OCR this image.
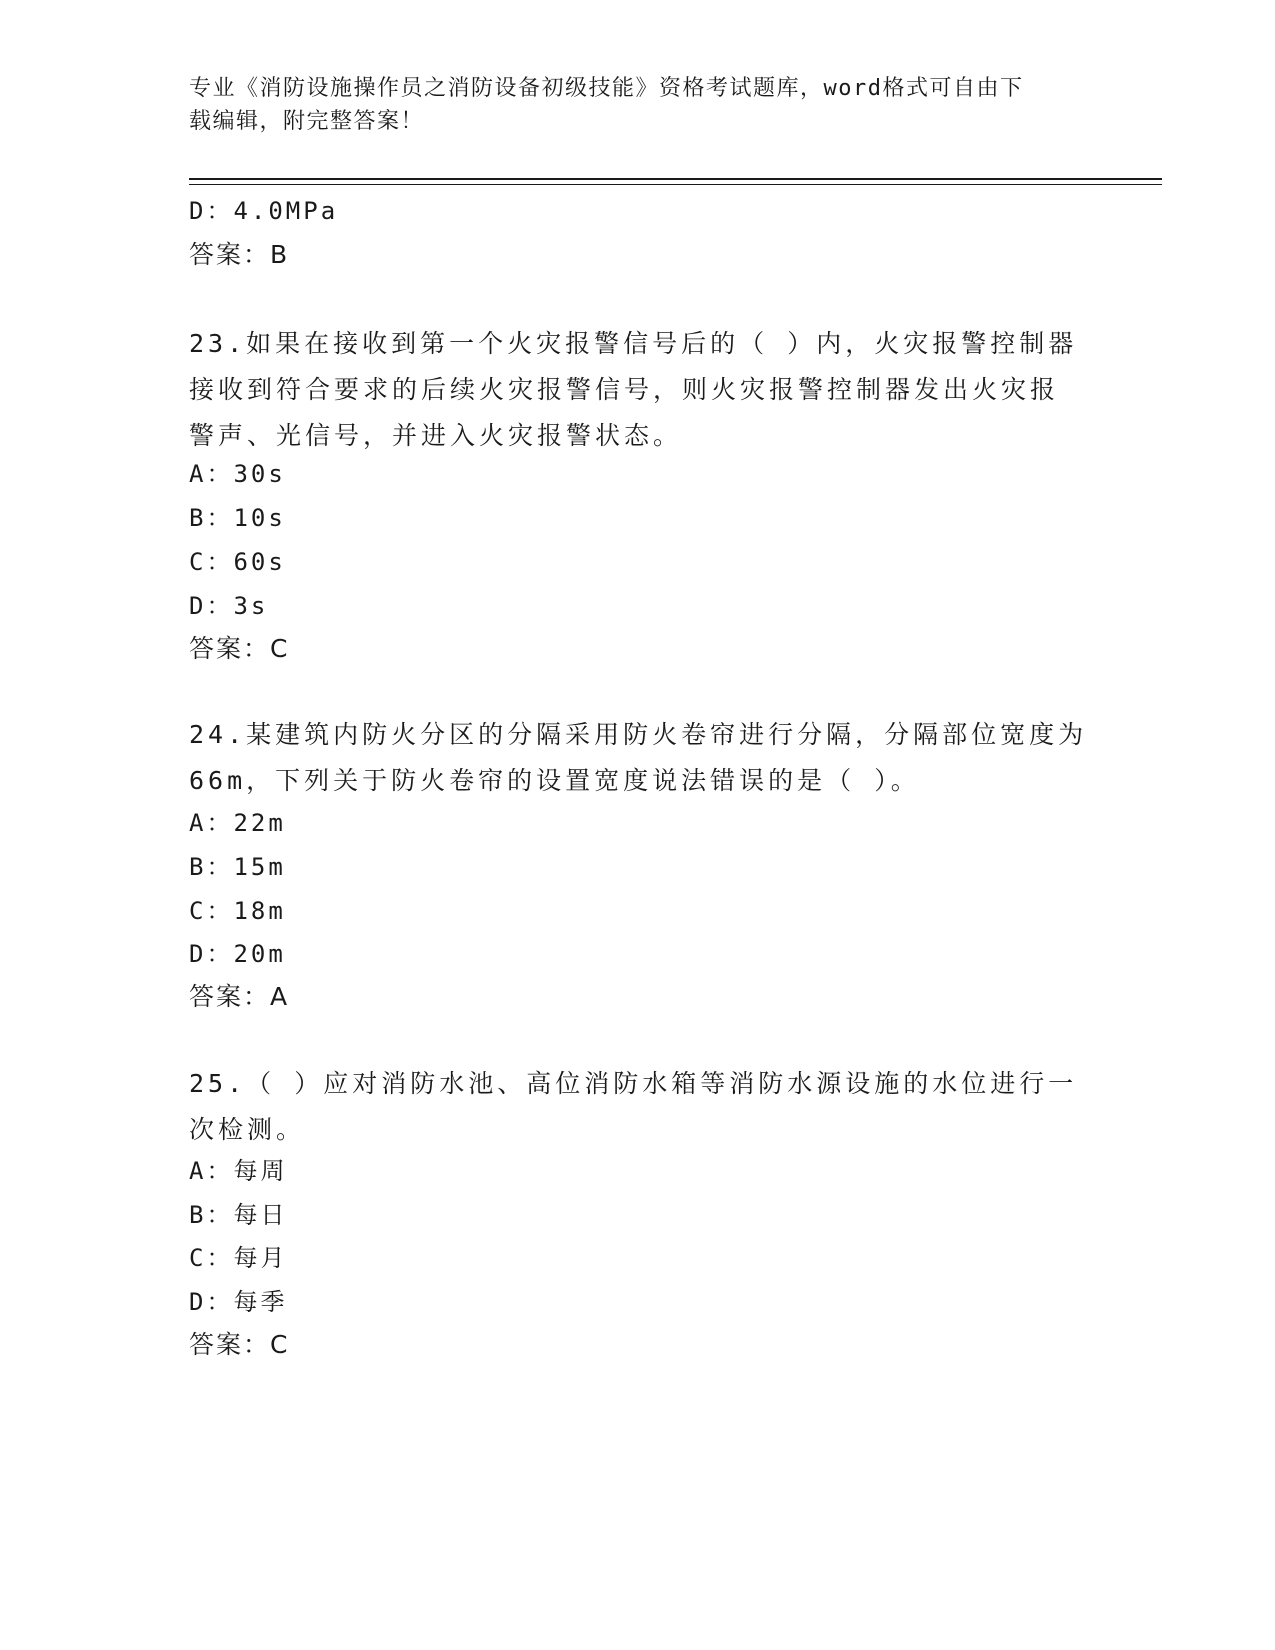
专业《消防设施操作员之消防设备初级技能》资格考试题库，word格式可自由下
载编辑，附完整答案！
D：4.0MPa
答案：B
23.如果在接收到第一个火灾报警信号后的（ ）内，火灾报警控制器
接收到符合要求的后续火灾报警信号，则火灾报警控制器发出火灾报
警声、光信号，并进入火灾报警状态。
A：30s
B：10s
C：60s
D：3s
答案：C
24.某建筑内防火分区的分隔采用防火卷帘进行分隔，分隔部位宽度为
66m，下列关于防火卷帘的设置宽度说法错误的是（ ）。
A：22m
B：15m
C：18m
D：20m
答案：A
25.（ ）应对消防水池、高位消防水箱等消防水源设施的水位进行一
次检测。
A：每周
B：每日
C：每月
D：每季
答案：C
